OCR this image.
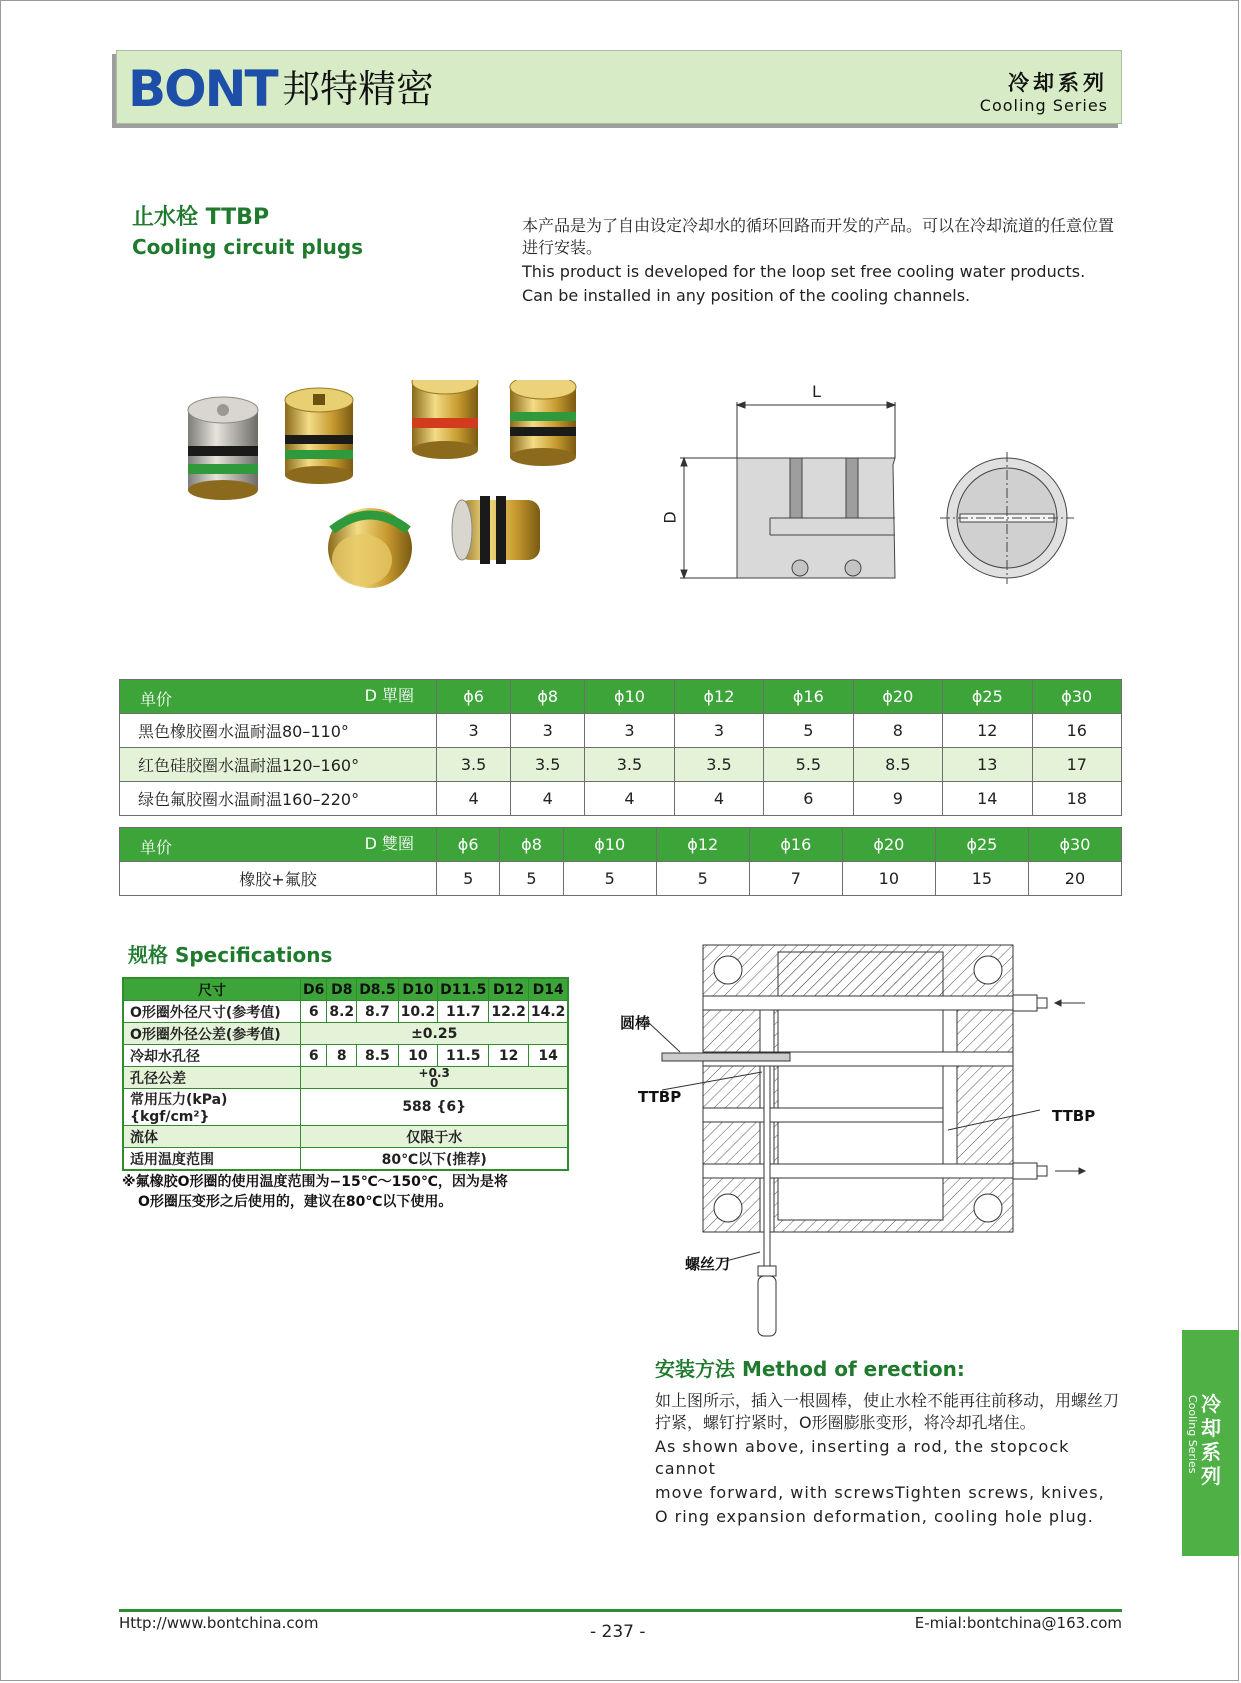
BONT 邦特精密	冷却系列
Cooling Series
止水栓 TTBP
Cooling circuit plugs

本产品是为了自由设定冷却水的循环回路而开发的产品。可以在冷却流道的任意位置进行安装。

This product is developed for the loop set free cooling water products.

Can be installed in any position of the cooling channels.

L
D
单价 D 單圈	ϕ6	ϕ8	ϕ10	ϕ12	ϕ16	ϕ20	ϕ25	ϕ30
黑色橡胶圈水温耐温80–110°	3	3	3	3	5	8	12	16
红色硅胶圈水温耐温120–160°	3.5	3.5	3.5	3.5	5.5	8.5	13	17
绿色氟胶圈水温耐温160–220°	4	4	4	4	6	9	14	18
单价 D 雙圈	ϕ6	ϕ8	ϕ10	ϕ12	ϕ16	ϕ20	ϕ25	ϕ30
橡胶+氟胶	5	5	5	5	7	10	15	20
规格 Specifications
尺寸	D6	D8	D8.5	D10	D11.5	D12	D14
O形圈外径尺寸(参考值)	6	8.2	8.7	10.2	11.7	12.2	14.2
O形圈外径公差(参考值)	±0.25						
冷却水孔径	6	8	8.5	10	11.5	12	14
孔径公差	+0.3
0						

常用压力(kPa){kgf/cm²}	588 {6}						
流体	仅限于水						
适用温度范围	80℃以下(推荐)						
※氟橡胶O形圈的使用温度范围为−15℃～150℃，因为是将
O形圈压变形之后使用的，建议在80℃以下使用。
圆棒
TTBP
TTBP
螺丝刀
安装方法 Method of erection:

如上图所示，插入一根圆棒，使止水栓不能再往前移动，用螺丝刀拧紧，螺钉拧紧时，O形圈膨胀变形，将冷却孔堵住。

As shown above, inserting a rod, the stopcock cannot

move forward, with screwsTighten screws, knives,

O ring expansion deformation, cooling hole plug.

冷却系列
Cooling Series
Http://www.bontchina.com	- 237 -	E-mial:bontchina@163.com
